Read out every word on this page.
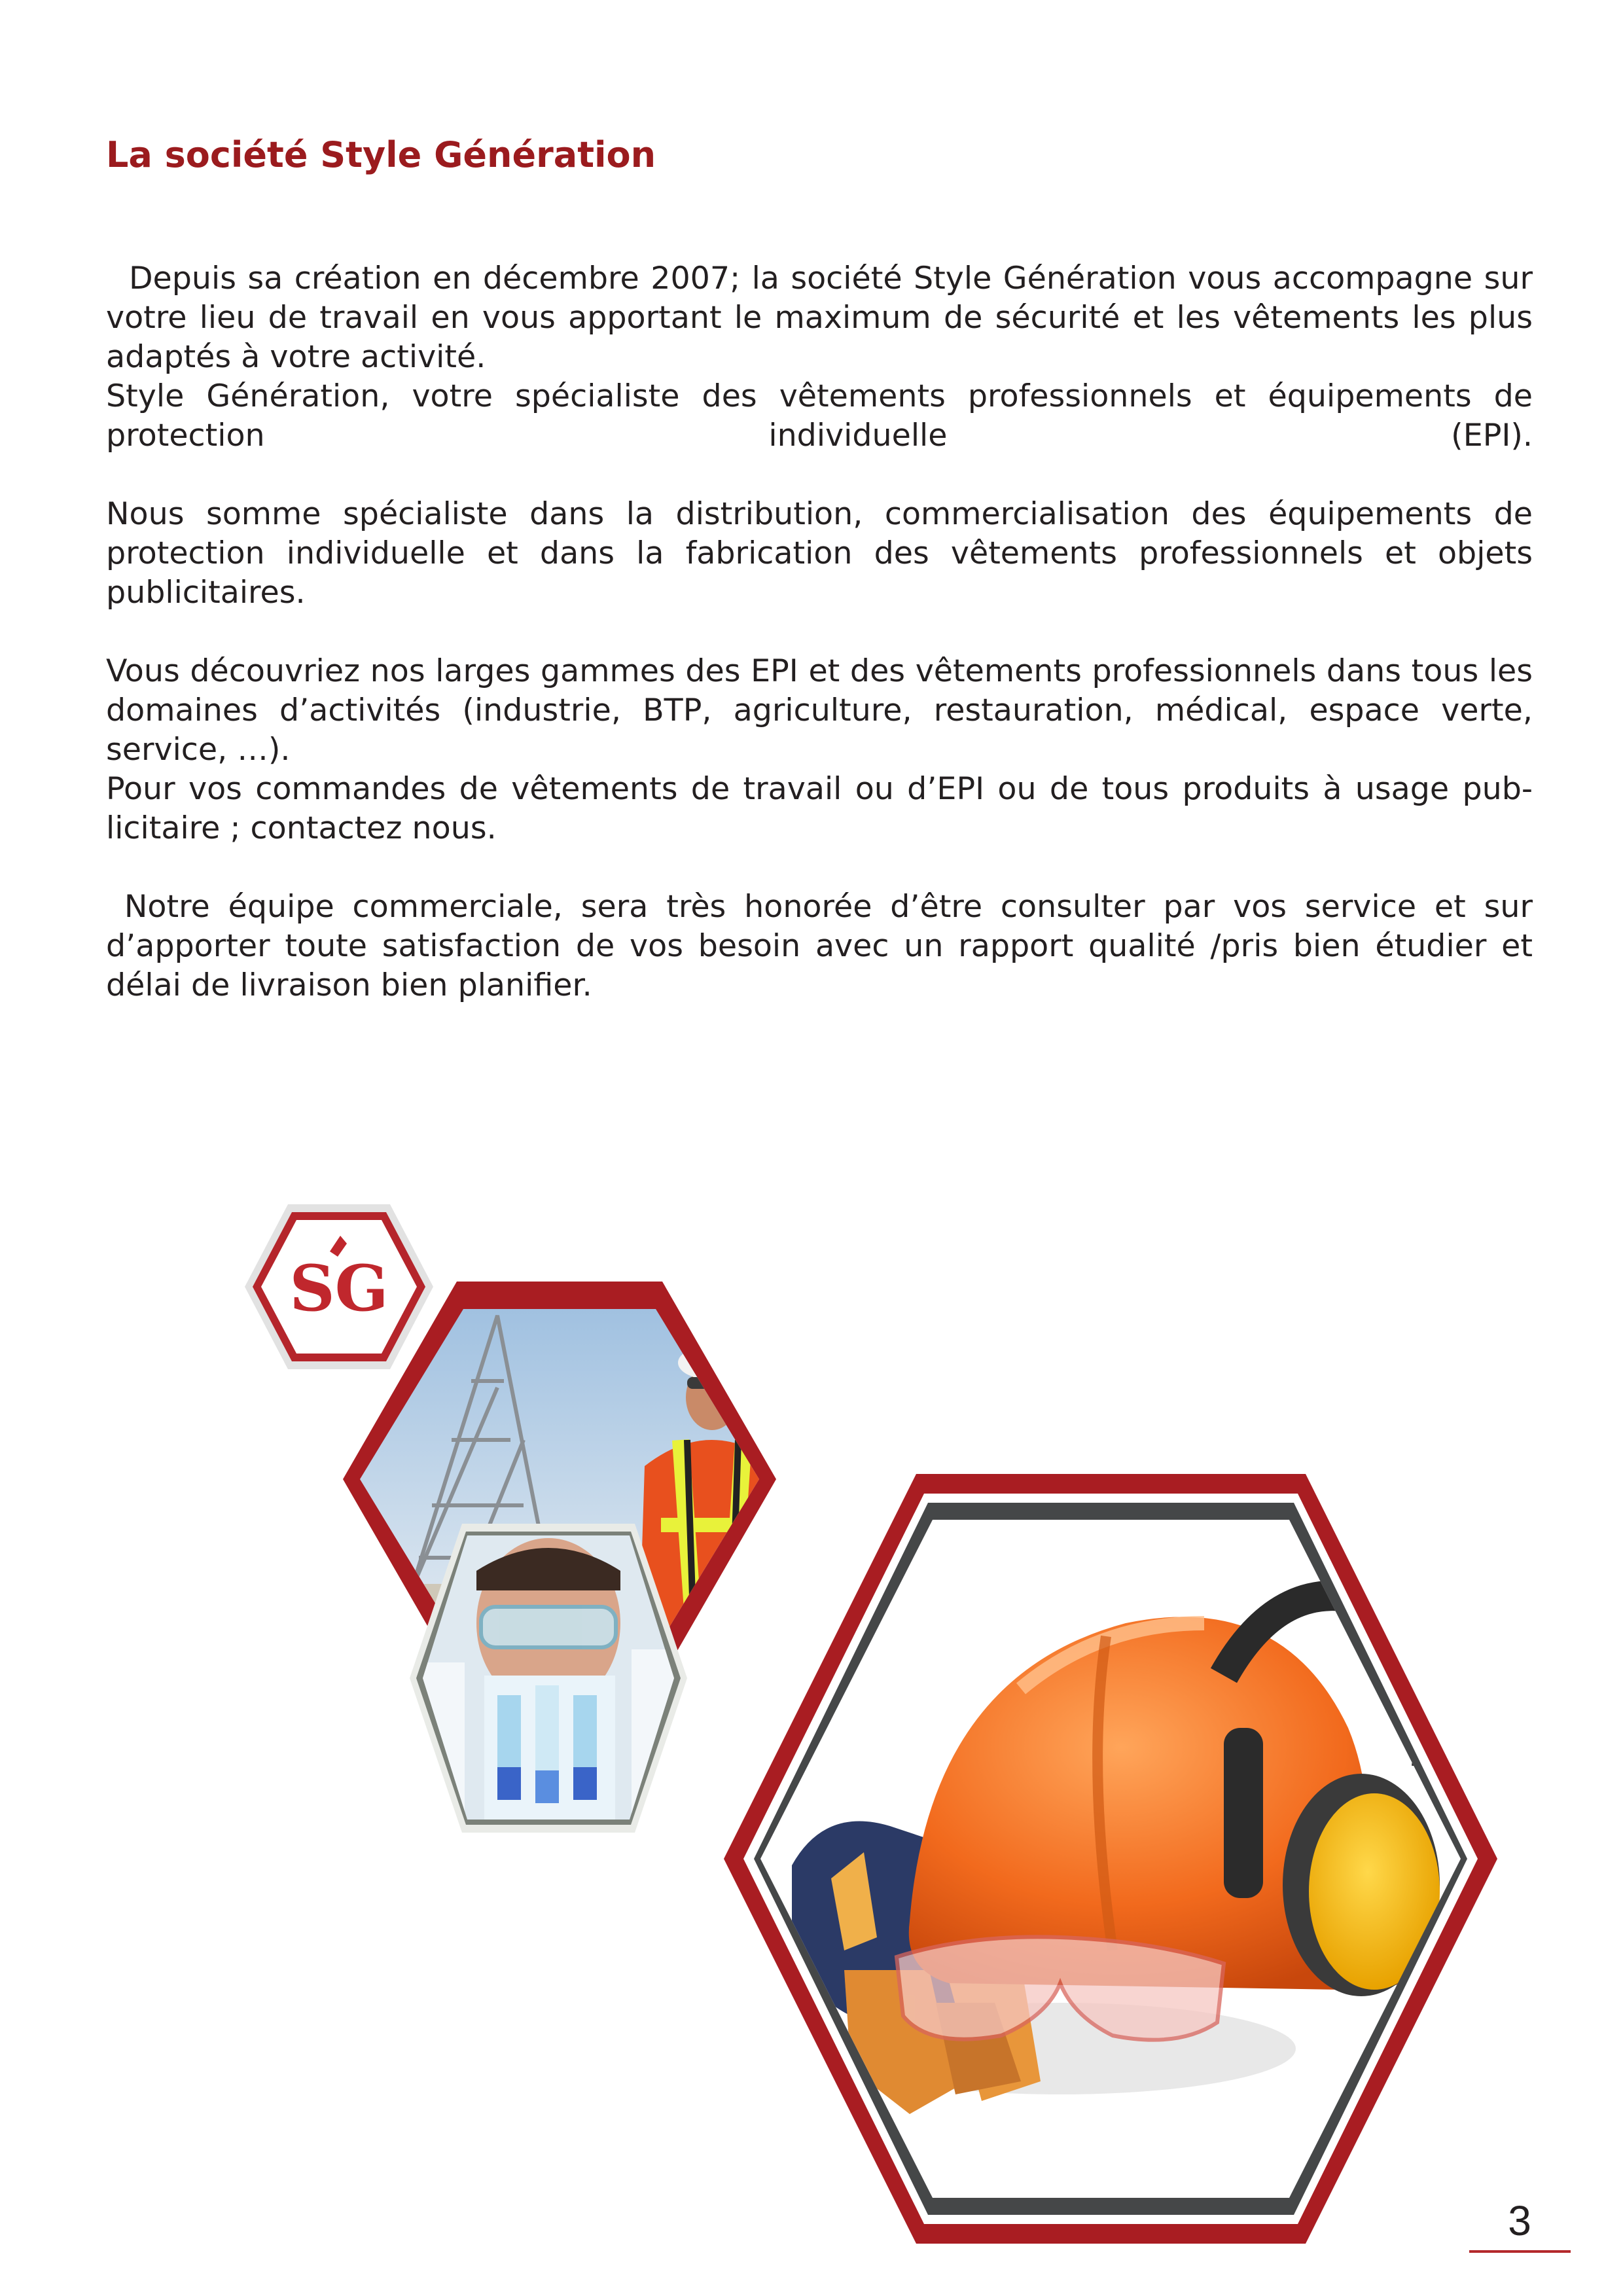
La société Style Génération

Depuis sa création en décembre 2007; la société Style Génération vous accompagne sur votre lieu de travail en vous apportant le maximum de sécurité et les vêtements les plus adaptés à votre activité.

Style Génération, votre spécialiste des vêtements professionnels et équipements de protection individuelle (EPI).

Nous somme spécialiste dans la distribution, commercialisation des équipements de protection individuelle et dans la fabrication des vêtements professionnels et objets publicitaires.

Vous découvriez nos larges gammes des EPI et des vêtements professionnels dans tous les domaines d’activités (industrie, BTP, agriculture, restauration, médical, espace verte, service, …).

Pour vos commandes de vêtements de travail ou d’EPI ou de tous produits à usage publicitaire ; contactez nous.

Notre équipe commerciale, sera très honorée d’être consulter par vos service et sur d’apporter toute satisfaction de vos besoin avec un rapport qualité /pris bien étudier et délai de livraison bien planifier.

SG
3
